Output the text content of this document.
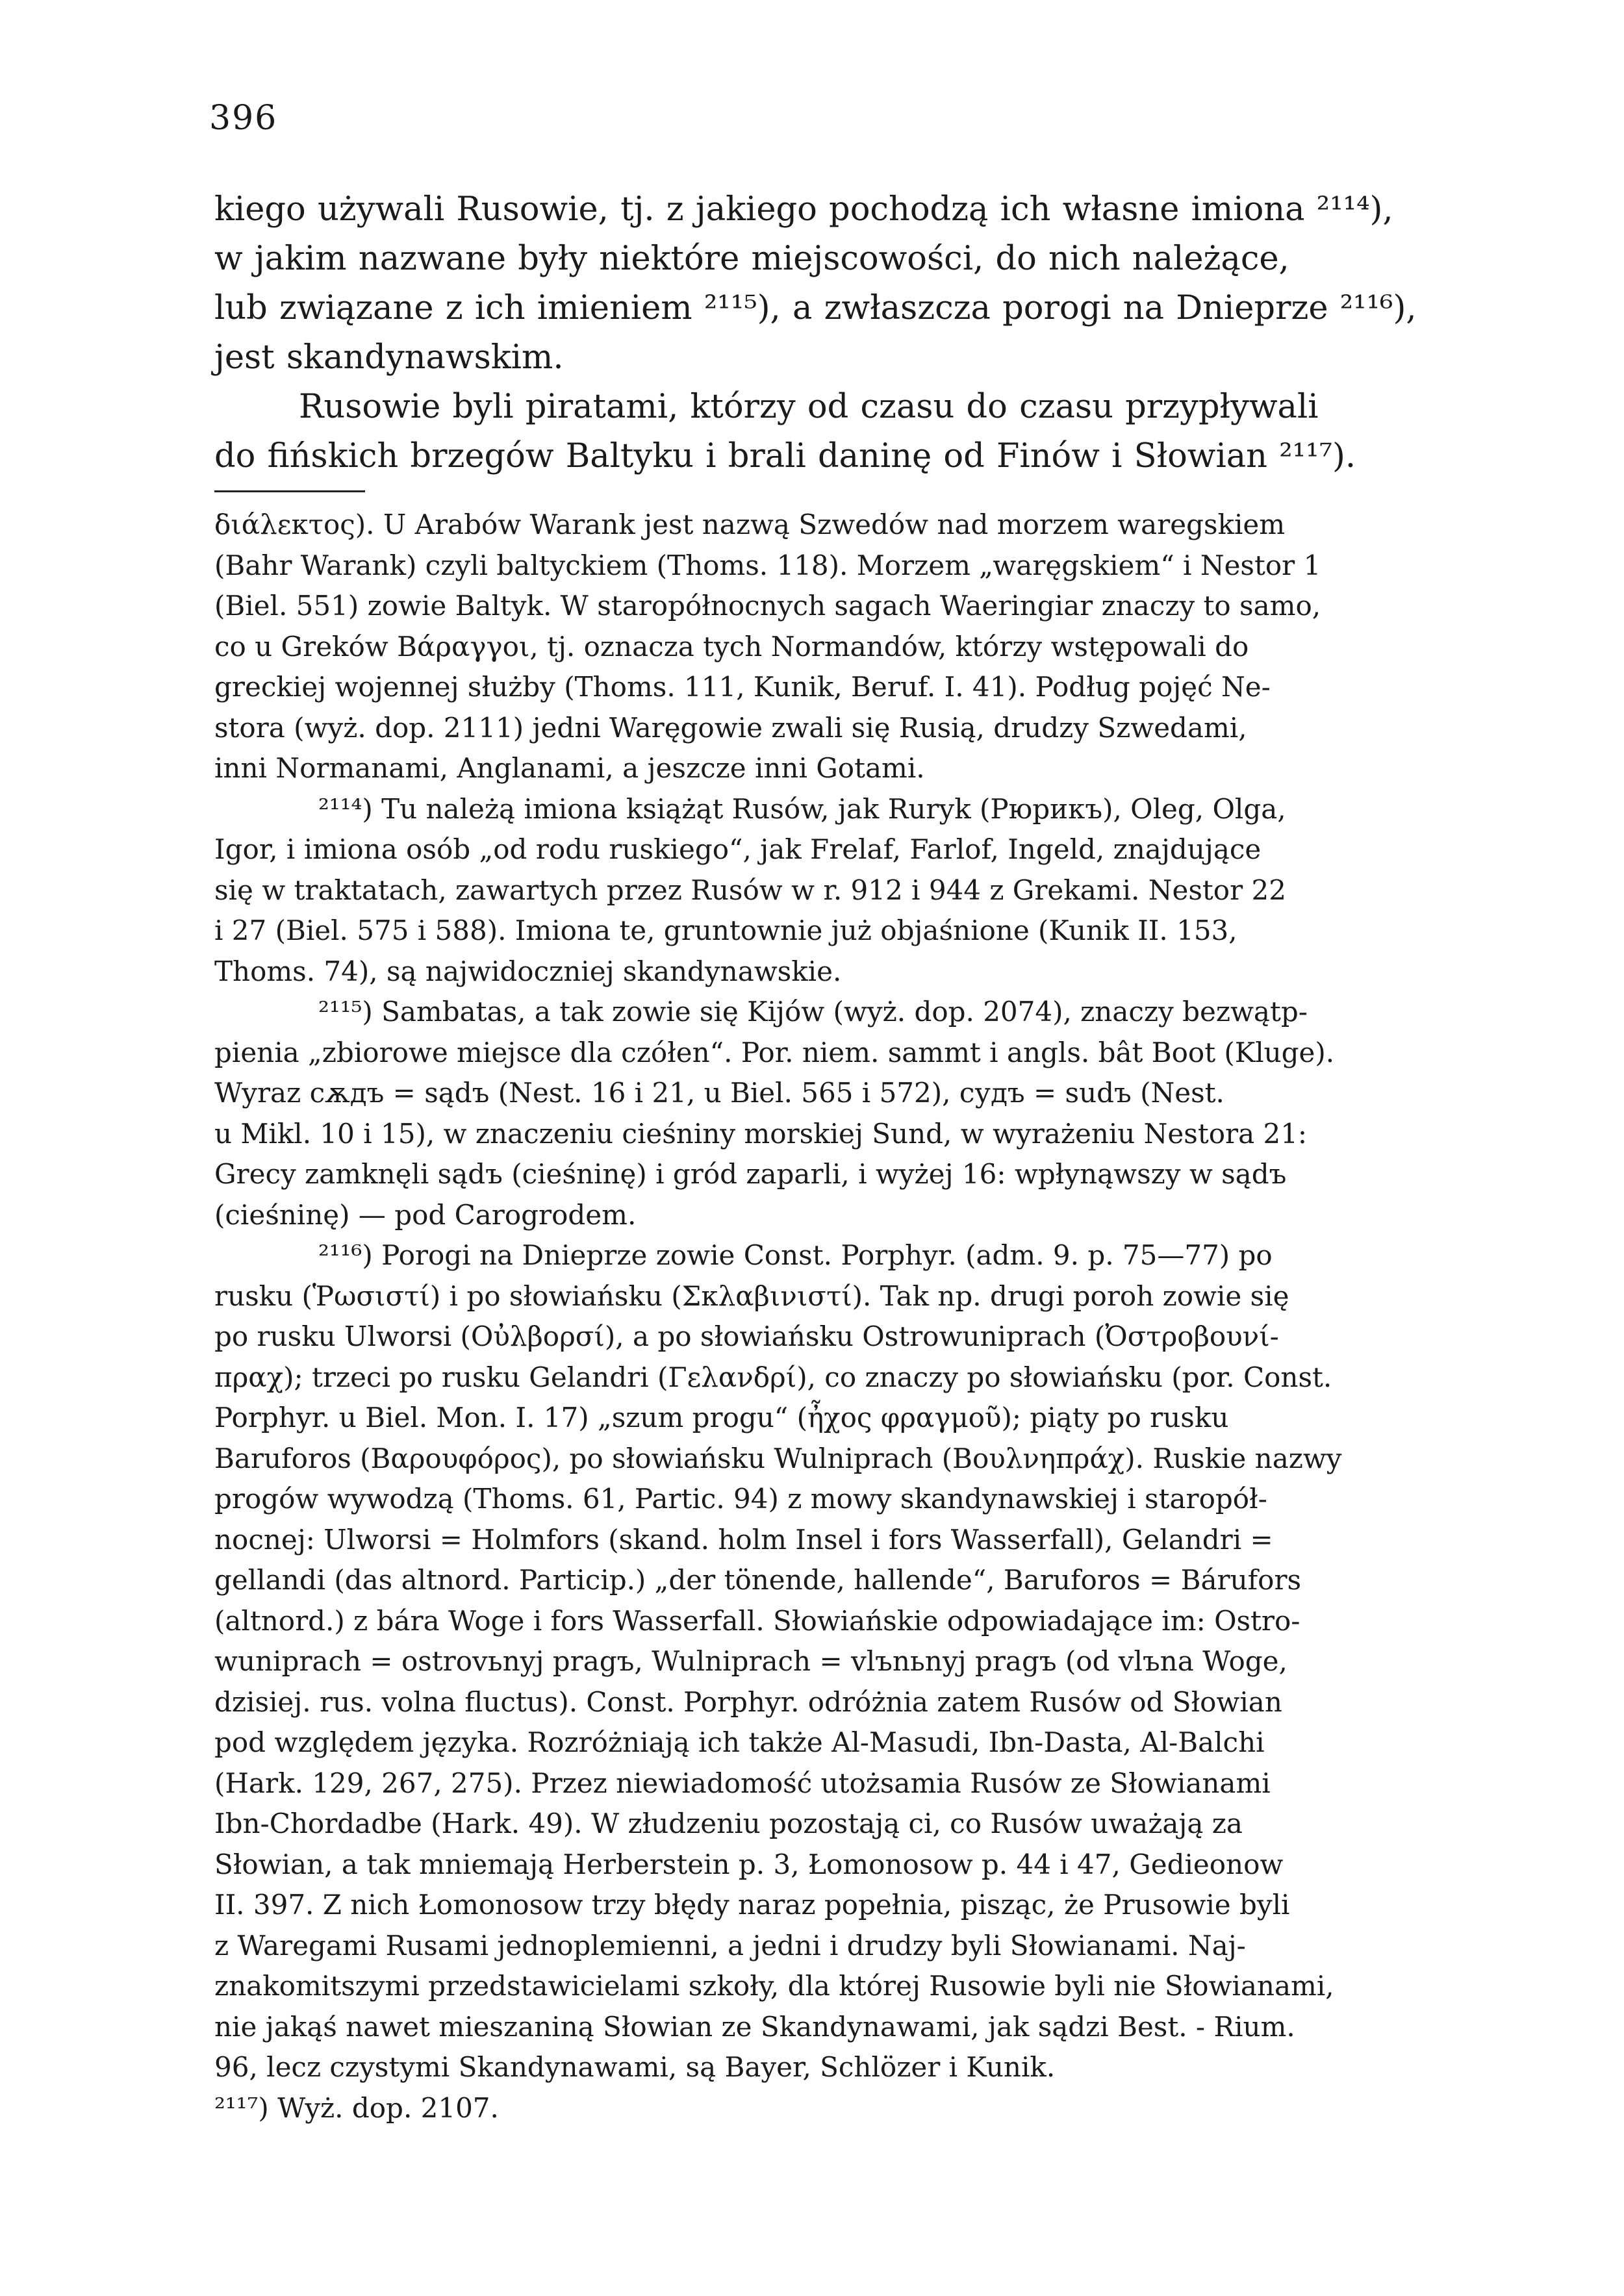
396
kiego używali Rusowie, tj. z jakiego pochodzą ich własne imiona ²¹¹⁴),
w jakim nazwane były niektóre miejscowości, do nich należące,
lub związane z ich imieniem ²¹¹⁵), a zwłaszcza porogi na Dnieprze ²¹¹⁶),
jest skandynawskim.
Rusowie byli piratami, którzy od czasu do czasu przypływali
do fińskich brzegów Baltyku i brali daninę od Finów i Słowian ²¹¹⁷).
διάλεκτος). U Arabów Warank jest nazwą Szwedów nad morzem waregskiem
(Bahr Warank) czyli baltyckiem (Thoms. 118). Morzem „waręgskiem“ i Nestor 1
(Biel. 551) zowie Baltyk. W staropółnocnych sagach Waeringiar znaczy to samo,
co u Greków Βάραγγοι, tj. oznacza tych Normandów, którzy wstępowali do
greckiej wojennej służby (Thoms. 111, Kunik, Beruf. I. 41). Podług pojęć Ne-
stora (wyż. dop. 2111) jedni Waręgowie zwali się Rusią, drudzy Szwedami,
inni Normanami, Anglanami, a jeszcze inni Gotami.
²¹¹⁴) Tu należą imiona książąt Rusów, jak Ruryk (Рюрикъ), Oleg, Olga,
Igor, i imiona osób „od rodu ruskiego“, jak Frelaf, Farlof, Ingeld, znajdujące
się w traktatach, zawartych przez Rusów w r. 912 i 944 z Grekami. Nestor 22
i 27 (Biel. 575 i 588). Imiona te, gruntownie już objaśnione (Kunik II. 153,
Thoms. 74), są najwidoczniej skandynawskie.
²¹¹⁵) Sambatas, a tak zowie się Kijów (wyż. dop. 2074), znaczy bezwątp-
pienia „zbiorowe miejsce dla czółen“. Por. niem. sammt i angls. bât Boot (Kluge).
Wyraz сѫдъ = sądъ (Nest. 16 i 21, u Biel. 565 i 572), судъ = sudъ (Nest.
u Mikl. 10 i 15), w znaczeniu cieśniny morskiej Sund, w wyrażeniu Nestora 21:
Grecy zamknęli sądъ (cieśninę) i gród zaparli, i wyżej 16: wpłynąwszy w sądъ
(cieśninę) — pod Carogrodem.
²¹¹⁶) Porogi na Dnieprze zowie Const. Porphyr. (adm. 9. p. 75—77) po
rusku (Ῥωσιστί) i po słowiańsku (Σκλαβινιστί). Tak np. drugi poroh zowie się
po rusku Ulworsi (Οὐλβορσί), a po słowiańsku Ostrowuniprach (Ὀστροβουνί-
πραχ); trzeci po rusku Gelandri (Γελανδρί), co znaczy po słowiańsku (por. Const.
Porphyr. u Biel. Mon. I. 17) „szum progu“ (ἦχος φραγμοῦ); piąty po rusku
Baruforos (Βαρουφόρος), po słowiańsku Wulniprach (Βουλνηπράχ). Ruskie nazwy
progów wywodzą (Thoms. 61, Partic. 94) z mowy skandynawskiej i staropół-
nocnej: Ulworsi = Holmfors (skand. holm Insel i fors Wasserfall), Gelandri =
gellandi (das altnord. Particip.) „der tönende, hallende“, Baruforos = Bárufors
(altnord.) z bára Woge i fors Wasserfall. Słowiańskie odpowiadające im: Ostro-
wuniprach = ostrovьnyj pragъ, Wulniprach = vlъnьnyj pragъ (od vlъna Woge,
dzisiej. rus. volna fluctus). Const. Porphyr. odróżnia zatem Rusów od Słowian
pod względem języka. Rozróżniają ich także Al-Masudi, Ibn-Dasta, Al-Balchi
(Hark. 129, 267, 275). Przez niewiadomość utożsamia Rusów ze Słowianami
Ibn-Chordadbe (Hark. 49). W złudzeniu pozostają ci, co Rusów uważają za
Słowian, a tak mniemają Herberstein p. 3, Łomonosow p. 44 i 47, Gedieonow
II. 397. Z nich Łomonosow trzy błędy naraz popełnia, pisząc, że Prusowie byli
z Waregami Rusami jednoplemienni, a jedni i drudzy byli Słowianami. Naj-
znakomitszymi przedstawicielami szkoły, dla której Rusowie byli nie Słowianami,
nie jakąś nawet mieszaniną Słowian ze Skandynawami, jak sądzi Best. - Rium.
96, lecz czystymi Skandynawami, są Bayer, Schlözer i Kunik.
²¹¹⁷) Wyż. dop. 2107.
